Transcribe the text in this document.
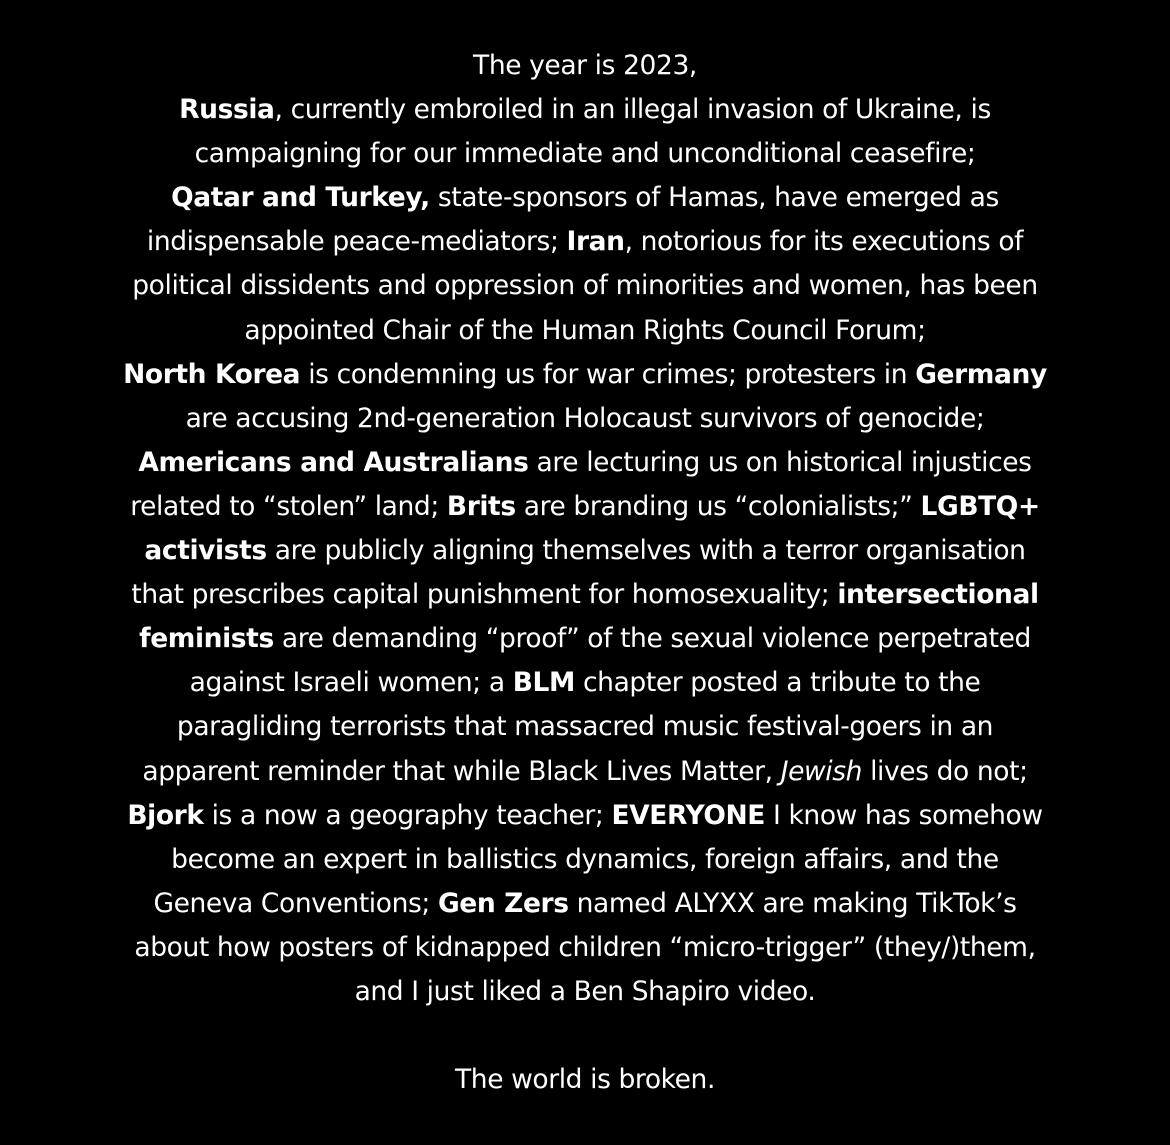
The year is 2023,
Russia, currently embroiled in an illegal invasion of Ukraine, is
campaigning for our immediate and unconditional ceasefire;
Qatar and Turkey, state-sponsors of Hamas, have emerged as
indispensable peace-mediators; Iran, notorious for its executions of
political dissidents and oppression of minorities and women, has been
appointed Chair of the Human Rights Council Forum;
North Korea is condemning us for war crimes; protesters in Germany
are accusing 2nd-generation Holocaust survivors of genocide;
Americans and Australians are lecturing us on historical injustices
related to “stolen” land; Brits are branding us “colonialists;” LGBTQ+
activists are publicly aligning themselves with a terror organisation
that prescribes capital punishment for homosexuality; intersectional
feminists are demanding “proof” of the sexual violence perpetrated
against Israeli women; a BLM chapter posted a tribute to the
paragliding terrorists that massacred music festival-goers in an
apparent reminder that while Black Lives Matter, Jewish lives do not;
Bjork is a now a geography teacher; EVERYONE I know has somehow
become an expert in ballistics dynamics, foreign affairs, and the
Geneva Conventions; Gen Zers named ALYXX are making TikTok’s
about how posters of kidnapped children “micro-trigger” (they/)them,
and I just liked a Ben Shapiro video.
The world is broken.
